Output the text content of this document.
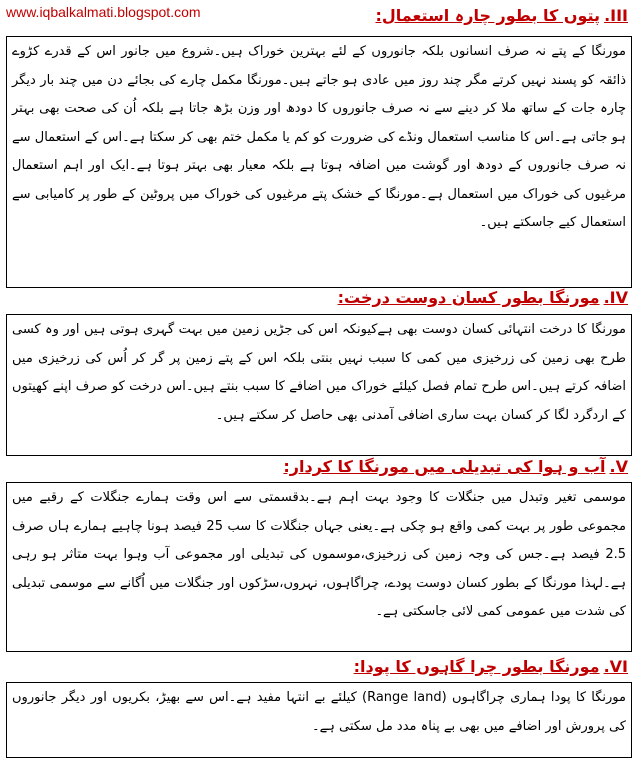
www.iqbalkalmati.blogspot.com	III.پتوں کا بطور چارہ استعمال:
مورنگا کے پتے نہ صرف انسانوں بلکہ جانوروں کے لئے بہترین خوراک ہیں۔شروع میں جانور اس کے قدرے کڑوے ذائقہ کو پسند نہیں کرتے مگر چند روز میں عادی ہو جاتے ہیں۔مورنگا مکمل چارے کی بجائے دن میں چند بار دیگر چارہ جات کے ساتھ ملا کر دینے سے نہ صرف جانوروں کا دودھ اور وزن بڑھ جاتا ہے بلکہ اُن کی صحت بھی بہتر ہو جاتی ہے۔اس کا مناسب استعمال ونڈے کی ضرورت کو کم یا مکمل ختم بھی کر سکتا ہے۔اس کے استعمال سے نہ صرف جانوروں کے دودھ اور گوشت میں اضافہ ہوتا ہے بلکہ معیار بھی بہتر ہوتا ہے۔ایک اور اہم استعمال مرغیوں کی خوراک میں استعمال ہے۔مورنگا کے خشک پتے مرغیوں کی خوراک میں پروٹین کے طور پر کامیابی سے استعمال کیے جاسکتے ہیں۔
IV.مورنگا بطور کسان دوست درخت:
مورنگا کا درخت انتہائی کسان دوست بھی ہےکیونکہ اس کی جڑیں زمین میں بہت گہری ہوتی ہیں اور وہ کسی طرح بھی زمین کی زرخیزی میں کمی کا سبب نہیں بنتی بلکہ اس کے پتے زمین پر گر کر اُس کی زرخیزی میں اضافہ کرتے ہیں۔اس طرح تمام فصل کیلئے خوراک میں اضافے کا سبب بنتے ہیں۔اس درخت کو صرف اپنے کھیتوں کے اردگرد لگا کر کسان بہت ساری اضافی آمدنی بھی حاصل کر سکتے ہیں۔
V.آب و ہوا کی تبدیلی میں مورنگا کا کردار:
موسمی تغیر وتبدل میں جنگلات کا وجود بہت اہم ہے۔بدقسمتی سے اس وقت ہمارے جنگلات کے رقبے میں مجموعی طور پر بہت کمی واقع ہو چکی ہے۔یعنی جہاں جنگلات کا سب 25 فیصد ہونا چاہیے ہمارے ہاں صرف 2.5 فیصد ہے۔جس کی وجہ زمین کی زرخیزی،موسموں کی تبدیلی اور مجموعی آب وہوا بہت متاثر ہو رہی ہے۔لہذا مورنگا کے بطور کسان دوست پودے، چراگاہوں، نہروں،سڑکوں اور جنگلات میں اُگانے سے موسمی تبدیلی کی شدت میں عمومی کمی لائی جاسکتی ہے۔
VI.مورنگا بطور چرا گاہوں کا پودا:
مورنگا کا پودا ہماری چراگاہوں (Range land) کیلئے بے انتہا مفید ہے۔اس سے بھیڑ، بکریوں اور دیگر جانوروں کی پرورش اور اضافے میں بھی بے پناہ مدد مل سکتی ہے۔
